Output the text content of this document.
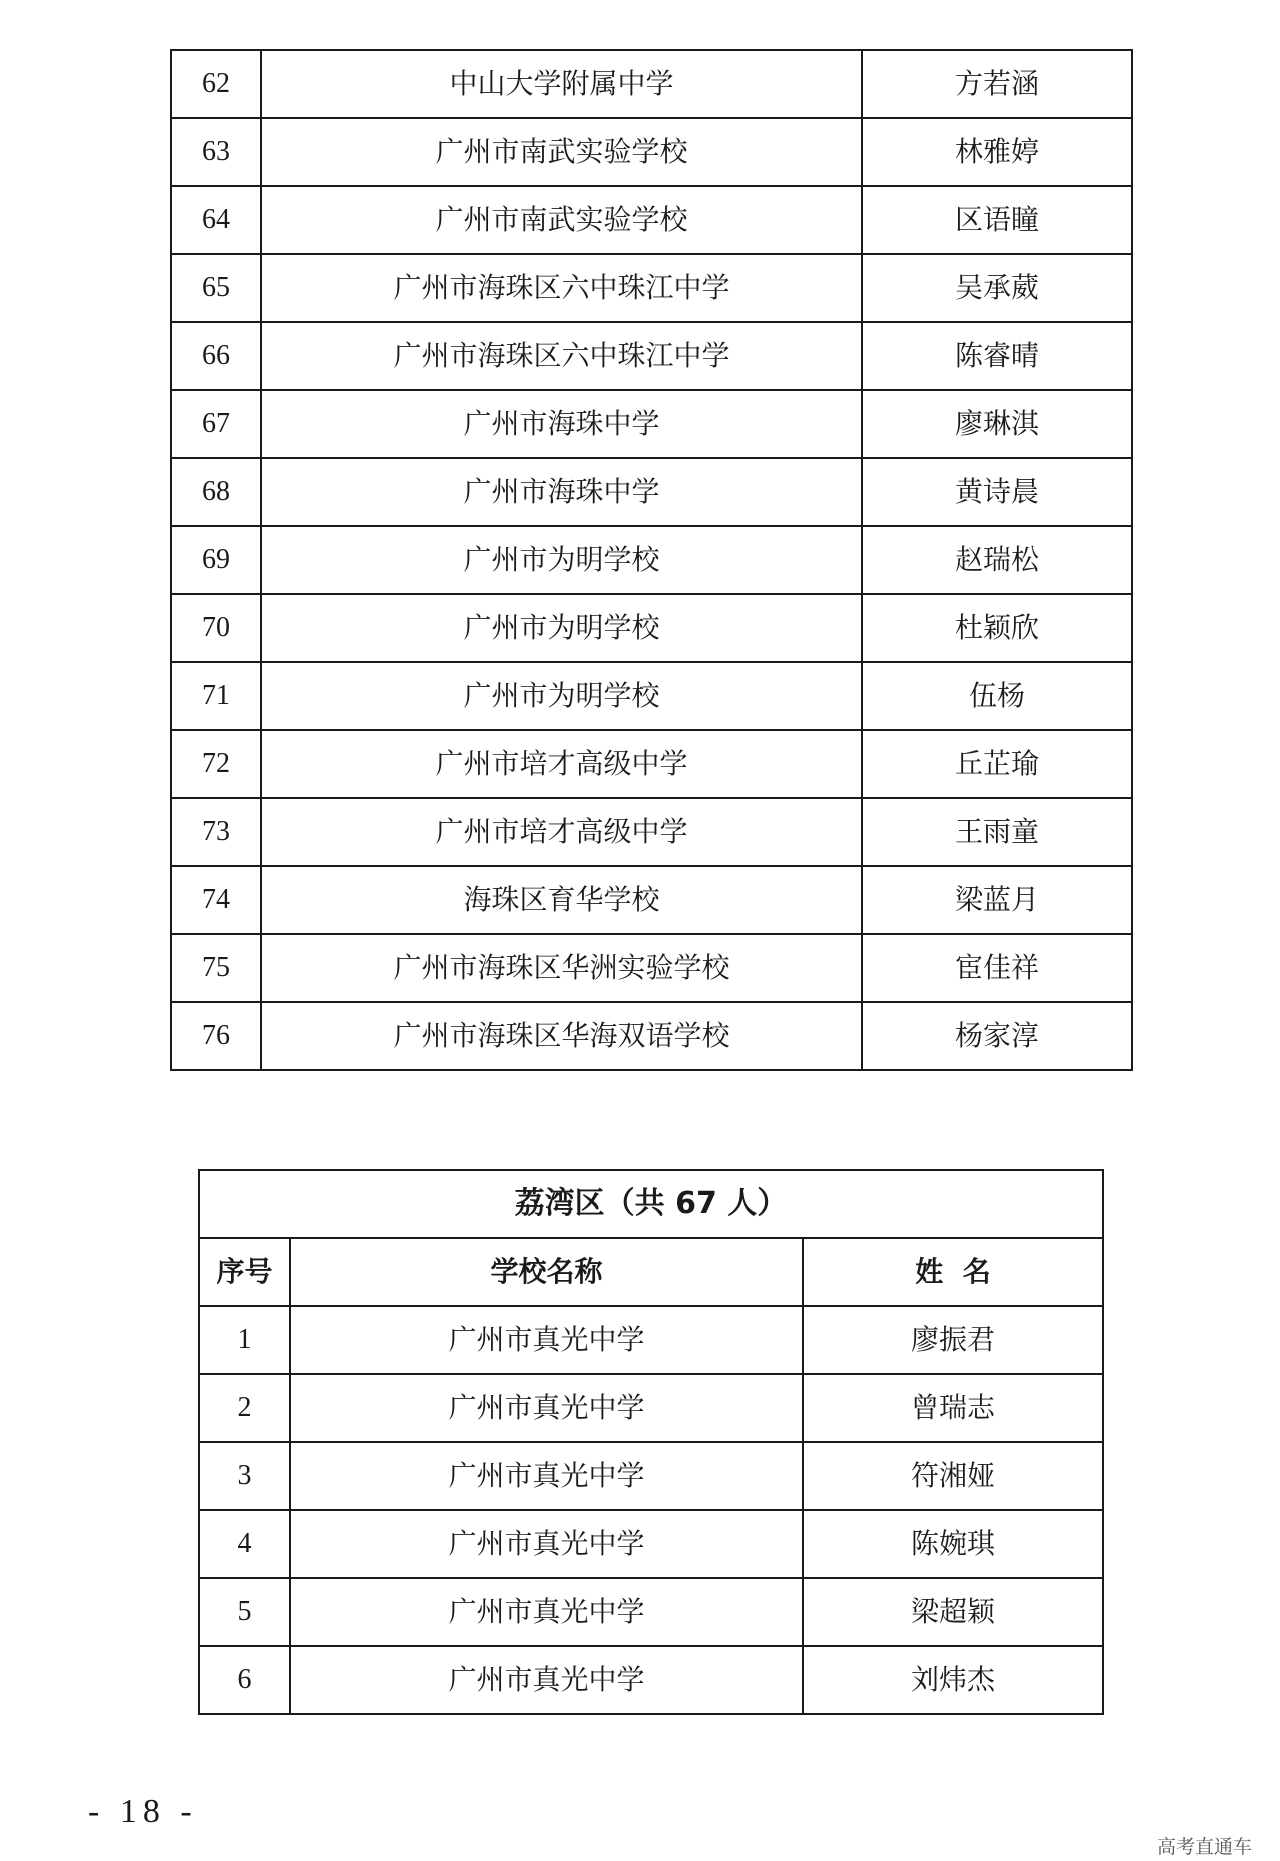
62	中山大学附属中学	方若涵
63	广州市南武实验学校	林雅婷
64	广州市南武实验学校	区语瞳
65	广州市海珠区六中珠江中学	吴承葳
66	广州市海珠区六中珠江中学	陈睿晴
67	广州市海珠中学	廖琳淇
68	广州市海珠中学	黄诗晨
69	广州市为明学校	赵瑞松
70	广州市为明学校	杜颖欣
71	广州市为明学校	伍杨
72	广州市培才高级中学	丘芷瑜
73	广州市培才高级中学	王雨童
74	海珠区育华学校	梁蓝月
75	广州市海珠区华洲实验学校	宦佳祥
76	广州市海珠区华海双语学校	杨家淳
荔湾区（共 67 人）		
序号	学校名称	姓  名
1	广州市真光中学	廖振君
2	广州市真光中学	曾瑞志
3	广州市真光中学	符湘娅
4	广州市真光中学	陈婉琪
5	广州市真光中学	梁超颖
6	广州市真光中学	刘炜杰
- 18 -
高考直通车
